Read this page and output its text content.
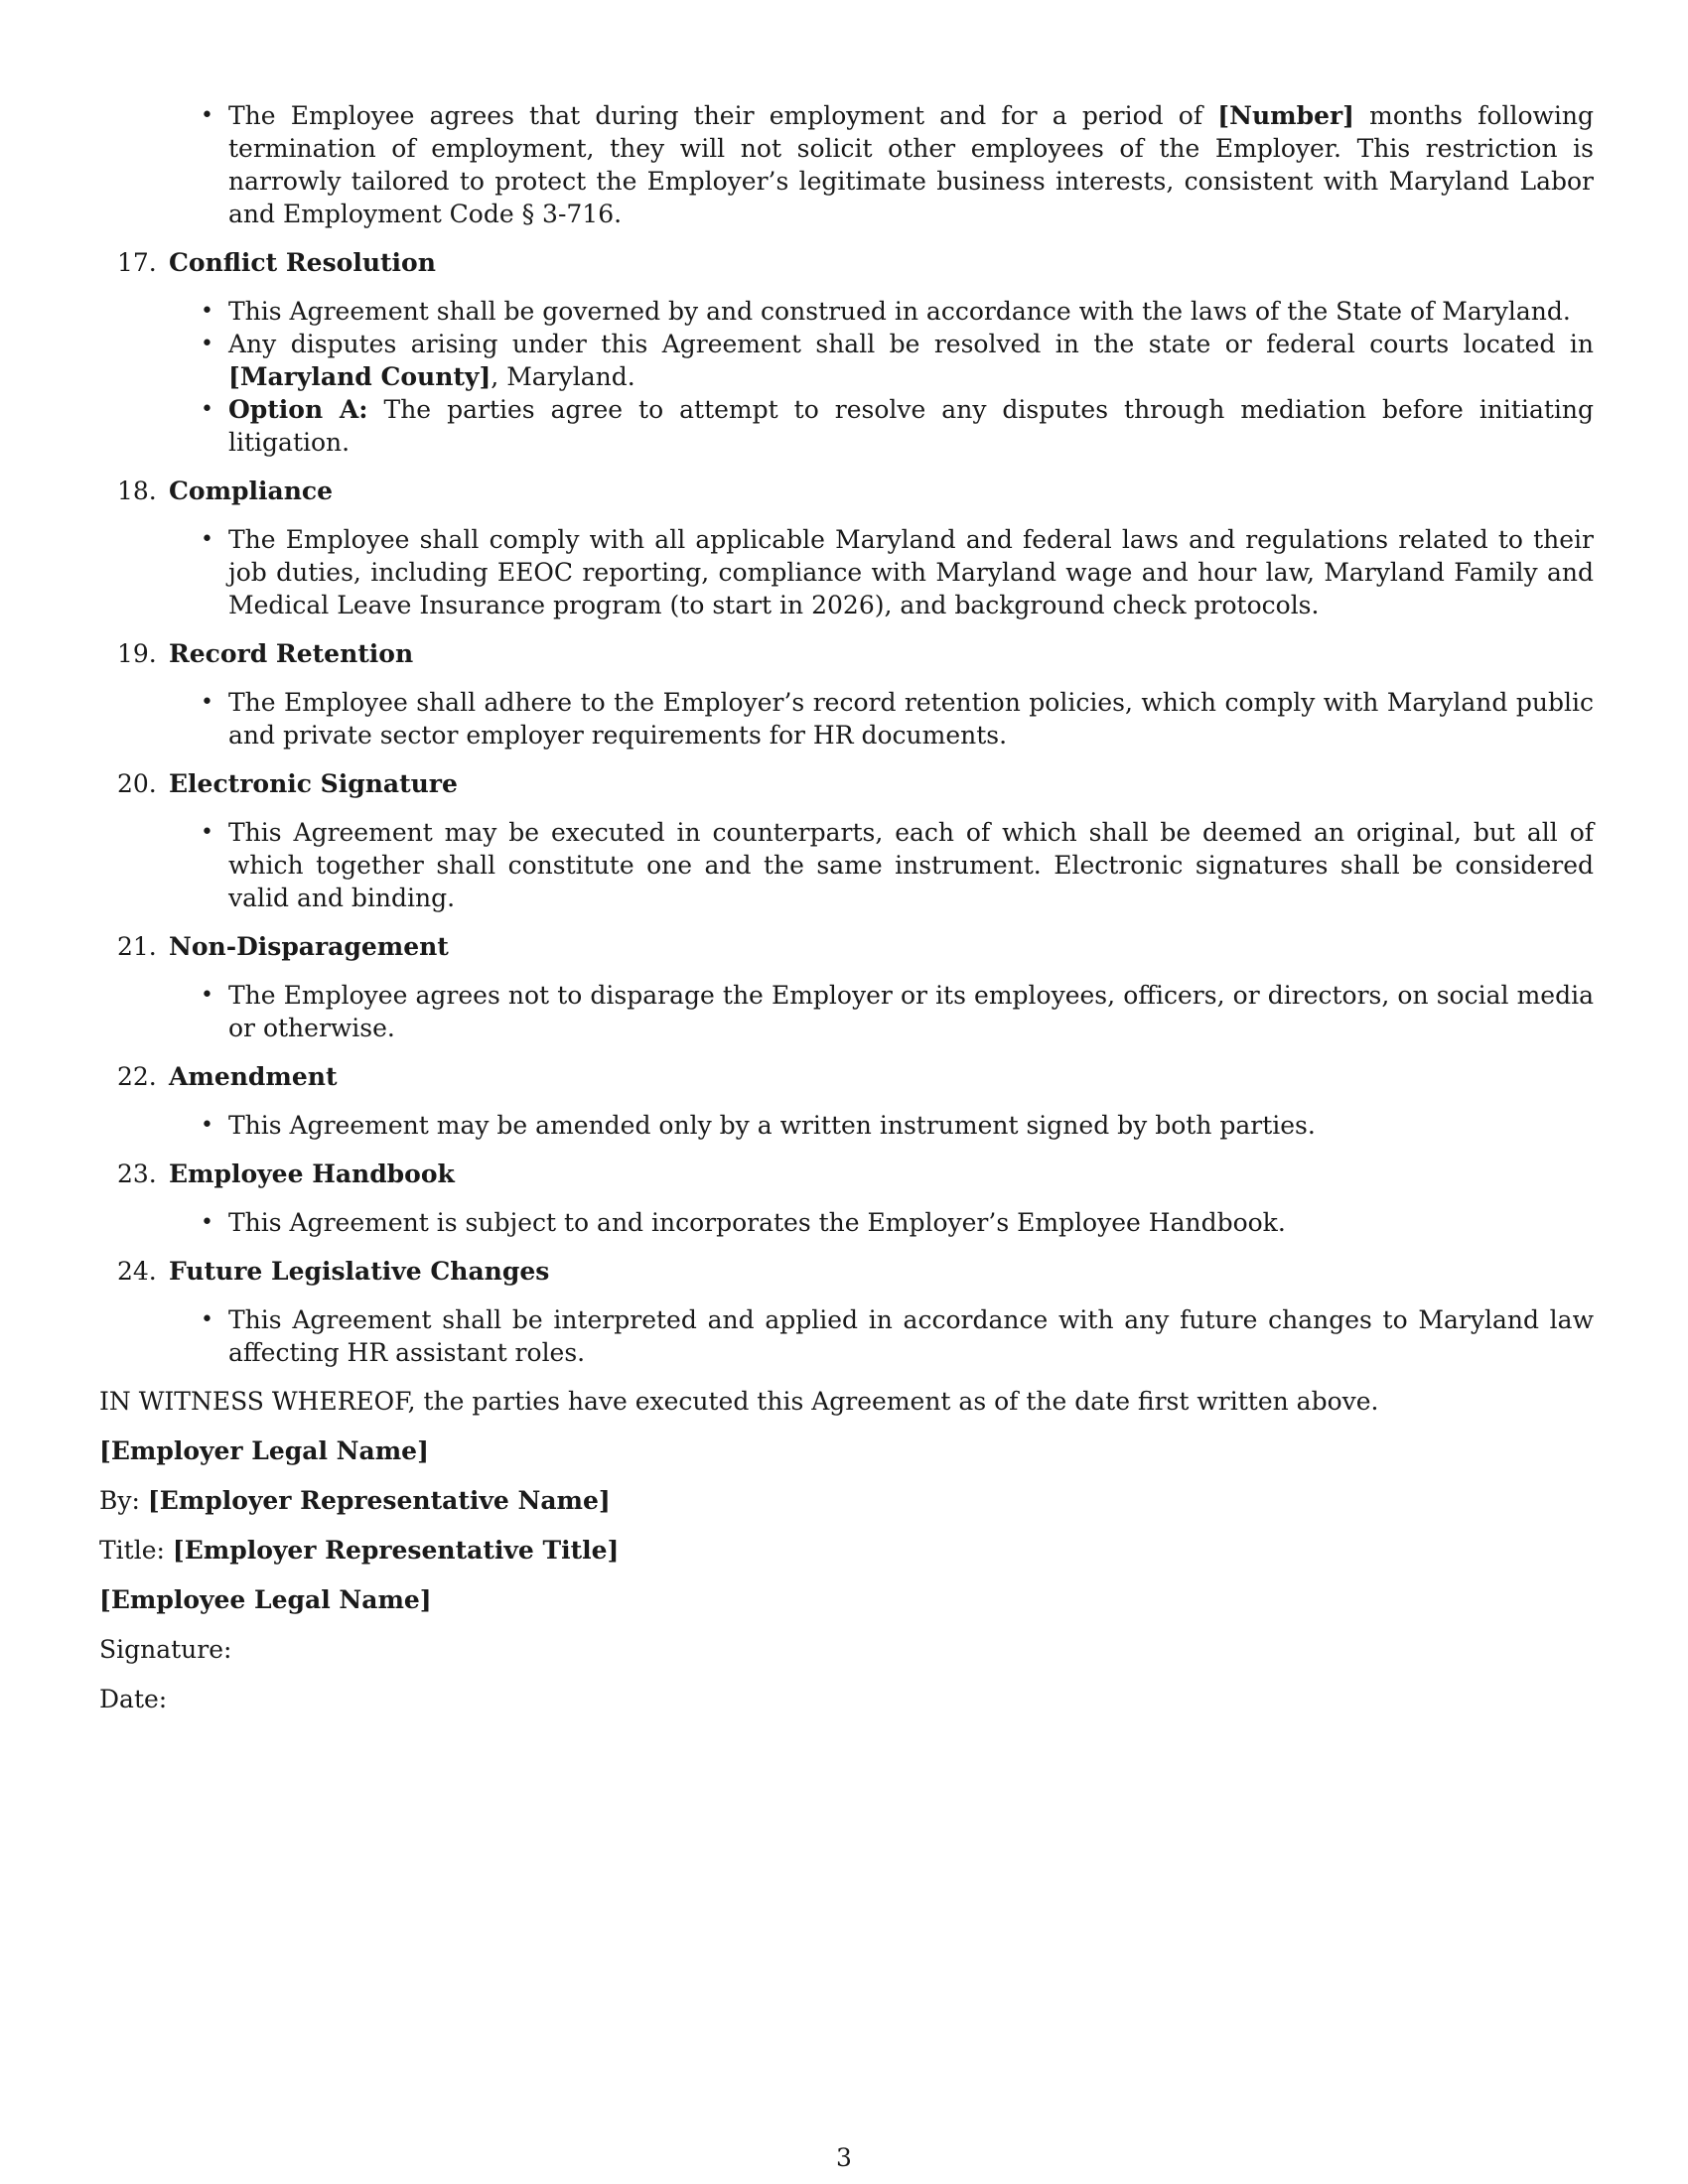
• The Employee agrees that during their employment and for a period of [Number] months following termination of employment, they will not solicit other employees of the Employer. This restriction is narrowly tailored to protect the Employer’s legitimate business interests, consistent with Maryland Labor and Employment Code § 3-716.
17. Conflict Resolution
• This Agreement shall be governed by and construed in accordance with the laws of the State of Maryland.
• Any disputes arising under this Agreement shall be resolved in the state or federal courts located in [Maryland County], Maryland.
• Option A: The parties agree to attempt to resolve any disputes through mediation before initiating litigation.
18. Compliance
• The Employee shall comply with all applicable Maryland and federal laws and regulations related to their job duties, including EEOC reporting, compliance with Maryland wage and hour law, Maryland Family and Medical Leave Insurance program (to start in 2026), and background check protocols.
19. Record Retention
• The Employee shall adhere to the Employer’s record retention policies, which comply with Maryland public and private sector employer requirements for HR documents.
20. Electronic Signature
• This Agreement may be executed in counterparts, each of which shall be deemed an original, but all of which together shall constitute one and the same instrument. Electronic signatures shall be considered valid and binding.
21. Non-Disparagement
• The Employee agrees not to disparage the Employer or its employees, officers, or directors, on social media or otherwise.
22. Amendment
• This Agreement may be amended only by a written instrument signed by both parties.
23. Employee Handbook
• This Agreement is subject to and incorporates the Employer’s Employee Handbook.
24. Future Legislative Changes
• This Agreement shall be interpreted and applied in accordance with any future changes to Maryland law affecting HR assistant roles.
IN WITNESS WHEREOF, the parties have executed this Agreement as of the date first written above.
[Employer Legal Name]
By: [Employer Representative Name]
Title: [Employer Representative Title]
[Employee Legal Name]
Signature:
Date:
3
